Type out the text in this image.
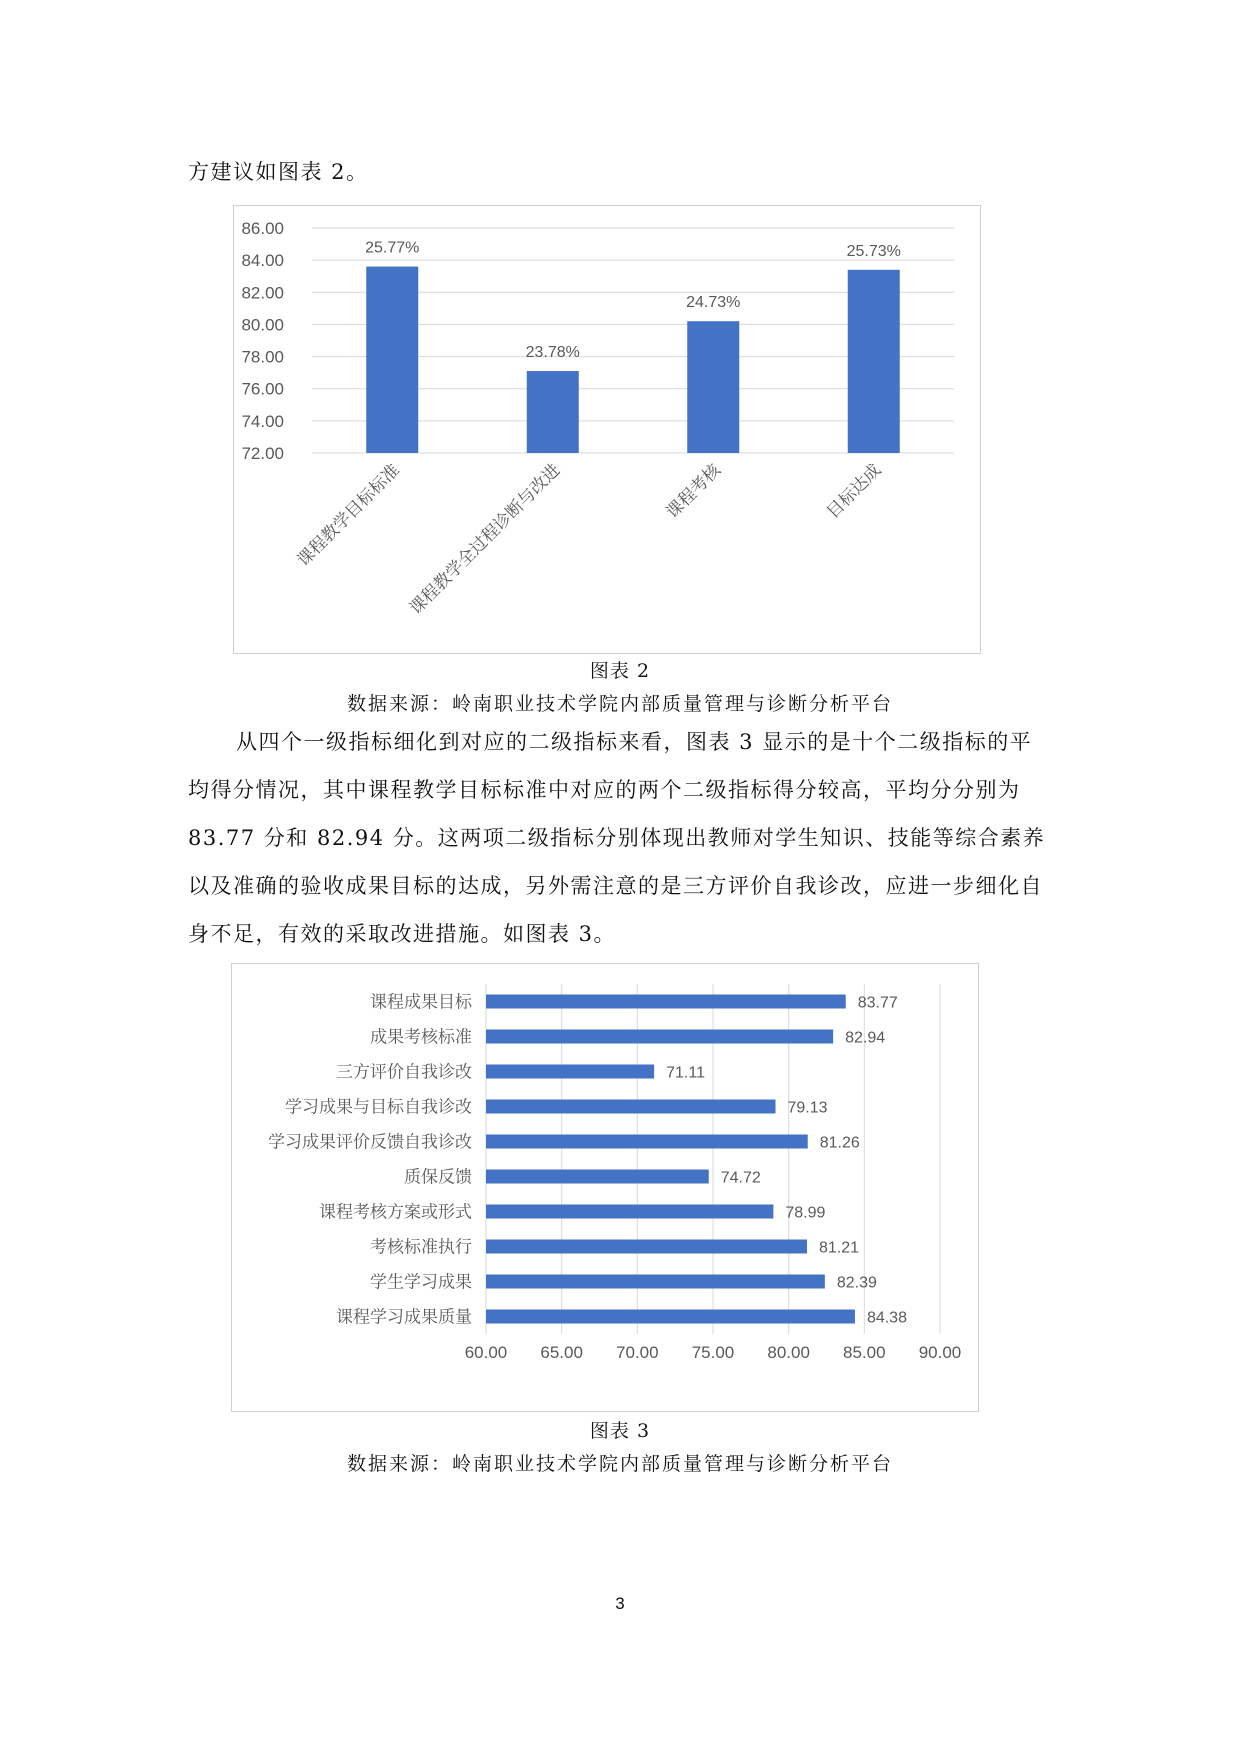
方建议如图表 2。

86.00
84.00
82.00
80.00
78.00
76.00
74.00
72.00
25.77%
课程教学目标标准
23.78%
课程教学全过程诊断与改进
24.73%
课程考核
25.73%
目标达成
图表 2
数据来源：岭南职业技术学院内部质量管理与诊断分析平台

从四个一级指标细化到对应的二级指标来看，图表 3 显示的是十个二级指标的平均得分情况，其中课程教学目标标准中对应的两个二级指标得分较高，平均分分别为 83.77 分和 82.94 分。这两项二级指标分别体现出教师对学生知识、技能等综合素养以及准确的验收成果目标的达成，另外需注意的是三方评价自我诊改，应进一步细化自身不足，有效的采取改进措施。如图表 3。

60.00 65.00 70.00 75.00 80.00 85.00 90.00
83.77
课程成果目标
82.94
成果考核标准
71.11
三方评价自我诊改
79.13
学习成果与目标自我诊改
81.26
学习成果评价反馈自我诊改
74.72
质保反馈
78.99
课程考核方案或形式
81.21
考核标准执行
82.39
学生学习成果
84.38
课程学习成果质量
图表 3
数据来源：岭南职业技术学院内部质量管理与诊断分析平台
3
